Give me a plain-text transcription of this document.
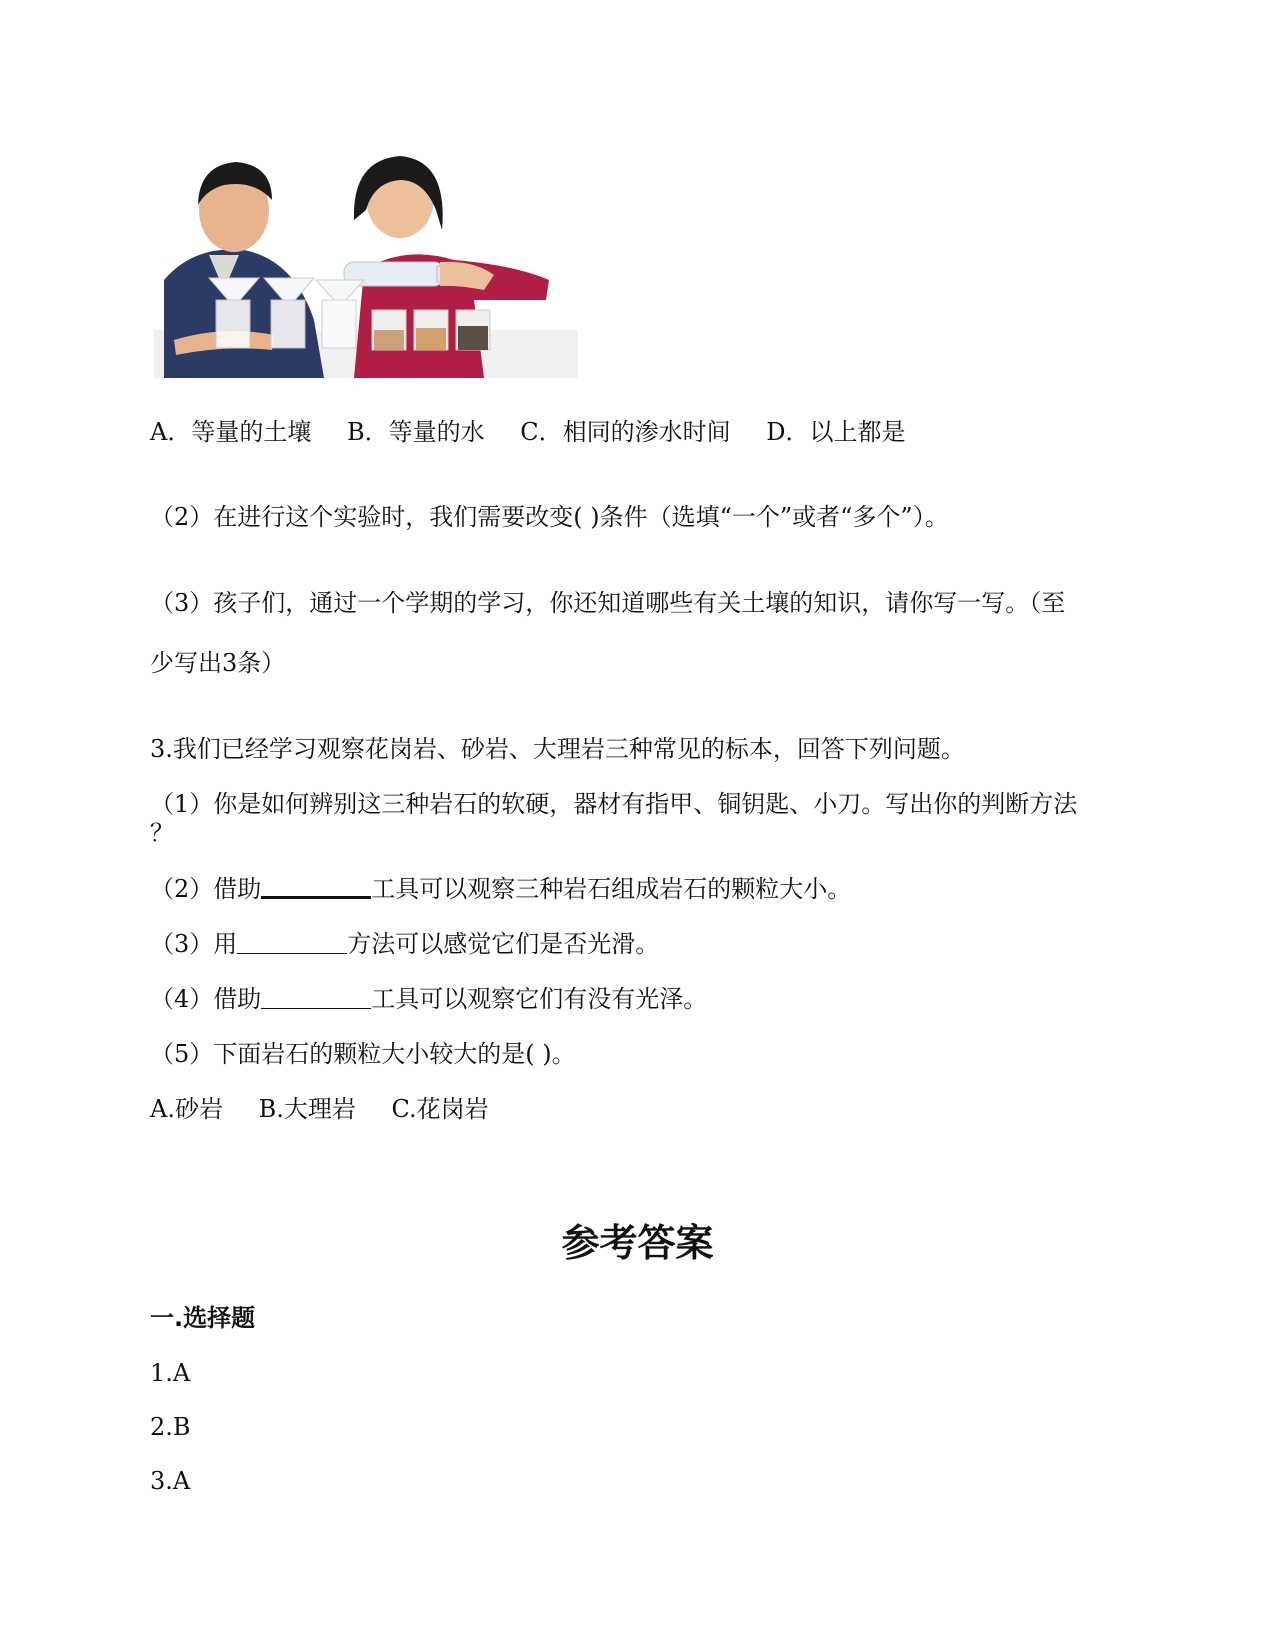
A．等量的土壤 B．等量的水 C．相同的渗水时间 D．以上都是
（2）在进行这个实验时，我们需要改变( )条件（选填“一个”或者“多个”）。
（3）孩子们，通过一个学期的学习，你还知道哪些有关土壤的知识，请你写一写。（至
少写出3条）
3.我们已经学习观察花岗岩、砂岩、大理岩三种常见的标本，回答下列问题。
（1）你是如何辨别这三种岩石的软硬，器材有指甲、铜钥匙、小刀。写出你的判断方法
？
（2）借助	工具可以观察三种岩石组成岩石的颗粒大小。
（3）用	方法可以感觉它们是否光滑。
（4）借助	工具可以观察它们有没有光泽。
（5）下面岩石的颗粒大小较大的是( )。
A.砂岩 B.大理岩 C.花岗岩
参考答案
一.选择题
1.A
2.B
3.A
